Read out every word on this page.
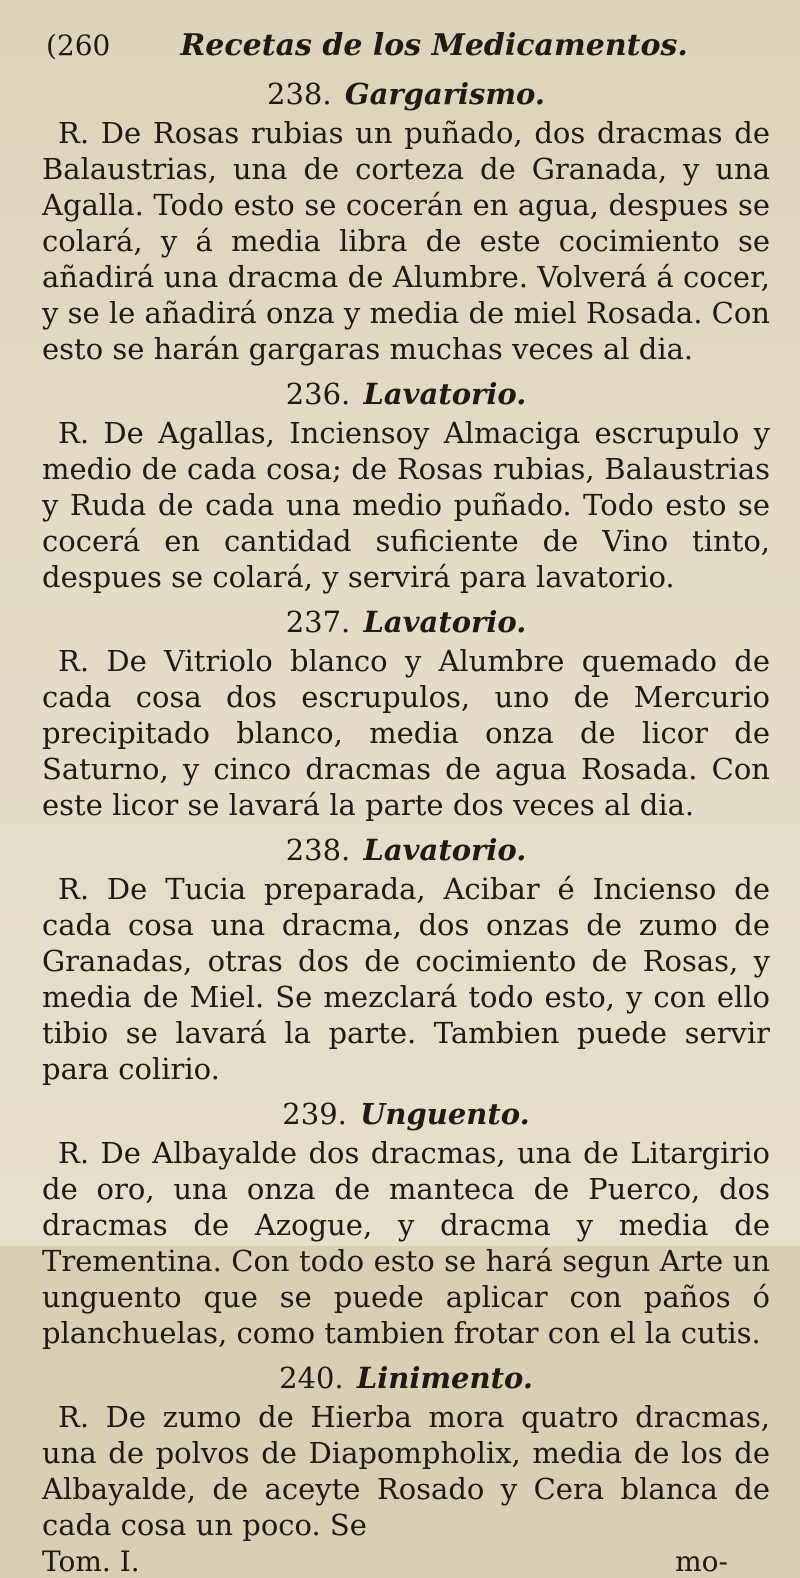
(260 Recetas de los Medicamentos.
238. Gargarismo.

R. De Rosas rubias un puñado, dos dracmas de Balaustrias, una de corteza de Granada, y una Agalla. Todo esto se cocerán en agua, despues se colará, y á media libra de este cocimiento se añadirá una dracma de Alumbre. Volverá á cocer, y se le añadirá onza y media de miel Rosada. Con esto se harán gargaras muchas veces al dia.

236. Lavatorio.

R. De Agallas, Inciensoy Almaciga escrupulo y medio de cada cosa; de Rosas rubias, Balaustrias y Ruda de cada una medio puñado. Todo esto se cocerá en cantidad suficiente de Vino tinto, despues se colará, y servirá para lavatorio.

237. Lavatorio.

R. De Vitriolo blanco y Alumbre quemado de cada cosa dos escrupulos, uno de Mercurio precipitado blanco, media onza de licor de Saturno, y cinco dracmas de agua Rosada. Con este licor se lavará la parte dos veces al dia.

238. Lavatorio.

R. De Tucia preparada, Acibar é Incienso de cada cosa una dracma, dos onzas de zumo de Granadas, otras dos de cocimiento de Rosas, y media de Miel. Se mezclará todo esto, y con ello tibio se lavará la parte. Tambien puede servir para colirio.

239. Unguento.

R. De Albayalde dos dracmas, una de Litargirio de oro, una onza de manteca de Puerco, dos dracmas de Azogue, y dracma y media de Trementina. Con todo esto se hará segun Arte un unguento que se puede aplicar con paños ó planchuelas, como tambien frotar con el la cutis.

240. Linimento.

R. De zumo de Hierba mora quatro dracmas, una de polvos de Diapompholix, media de los de Albayalde, de aceyte Rosado y Cera blanca de cada cosa un poco. Se

Tom. I.	mo-
